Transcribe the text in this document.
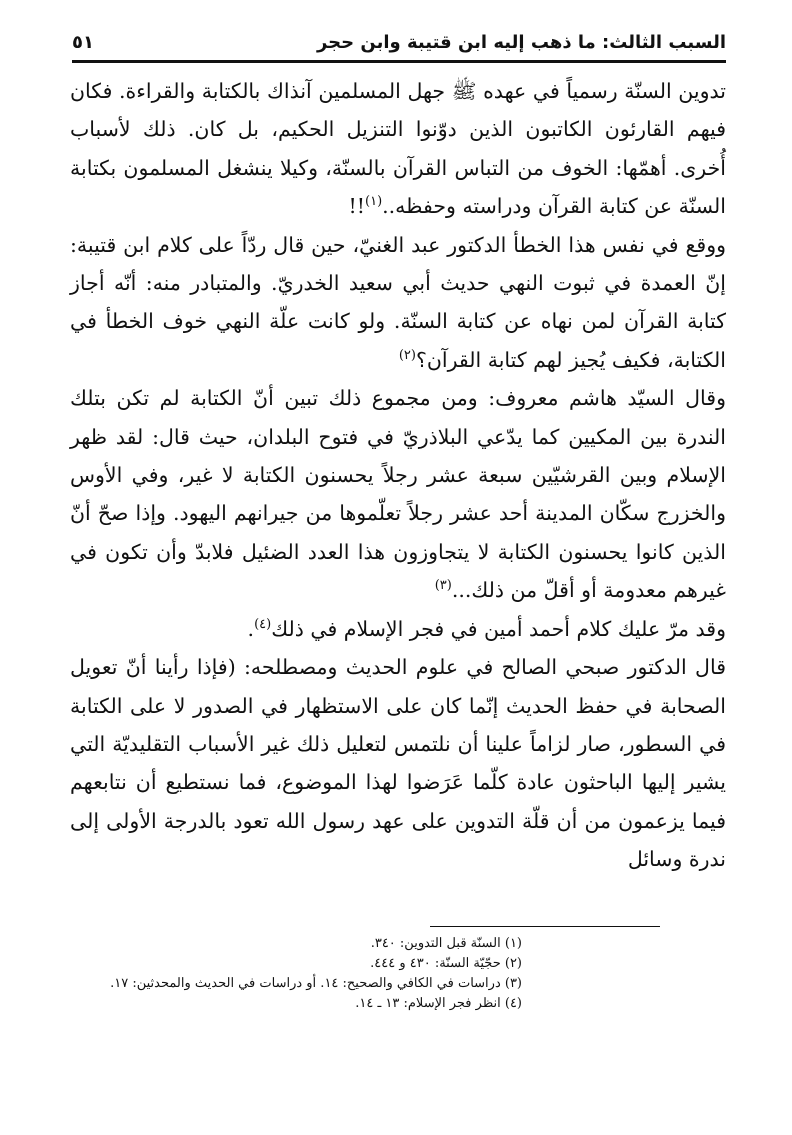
السبب الثالث: ما ذهب إليه ابن قتيبة وابن حجر
٥١

تدوين السنّة رسمياً في عهده ﷺ جهل المسلمين آنذاك بالكتابة والقراءة. فكان فيهم القارئون الكاتبون الذين دوّنوا التنزيل الحكيم، بل كان. ذلك لأسباب أُخرى. أهمّها: الخوف من التباس القرآن بالسنّة، وكيلا ينشغل المسلمون بكتابة السنّة عن كتابة القرآن ودراسته وحفظه..$^{(١)}$!!

ووقع في نفس هذا الخطأ الدكتور عبد الغنيّ، حين قال ردّاً على كلام ابن قتيبة: إنّ العمدة في ثبوت النهي حديث أبي سعيد الخدريّ. والمتبادر منه: أنّه أجاز كتابة القرآن لمن نهاه عن كتابة السنّة. ولو كانت علّة النهي خوف الخطأ في الكتابة، فكيف يُجيز لهم كتابة القرآن؟$^{(٢)}$

وقال السيّد هاشم معروف: ومن مجموع ذلك تبين أنّ الكتابة لم تكن بتلك الندرة بين المكيين كما يدّعي البلاذريّ في فتوح البلدان، حيث قال: لقد ظهر الإسلام وبين القرشيّين سبعة عشر رجلاً يحسنون الكتابة لا غير، وفي الأوس والخزرج سكّان المدينة أحد عشر رجلاً تعلّموها من جيرانهم اليهود. وإذا صحّ أنّ الذين كانوا يحسنون الكتابة لا يتجاوزون هذا العدد الضئيل فلابدّ وأن تكون في غيرهم معدومة أو أقلّ من ذلك...$^{(٣)}$

وقد مرّ عليك كلام أحمد أمين في فجر الإسلام في ذلك$^{(٤)}$.

قال الدكتور صبحي الصالح في علوم الحديث ومصطلحه: (فإذا رأينا أنّ تعويل الصحابة في حفظ الحديث إنّما كان على الاستظهار في الصدور لا على الكتابة في السطور، صار لزاماً علينا أن نلتمس لتعليل ذلك غير الأسباب التقليديّة التي يشير إليها الباحثون عادة كلّما عَرَضوا لهذا الموضوع، فما نستطيع أن نتابعهم فيما يزعمون من أن قلّة التدوين على عهد رسول الله تعود بالدرجة الأولى إلى ندرة وسائل

(١) السنّة قبل التدوين: ٣٤٠.

(٢) حجّيّة السنّة: ٤٣٠ و ٤٤٤.

(٣) دراسات في الكافي والصحيح: ١٤. أو دراسات في الحديث والمحدثين: ١٧.

(٤) انظر فجر الإسلام: ١٣ ـ ١٤.
